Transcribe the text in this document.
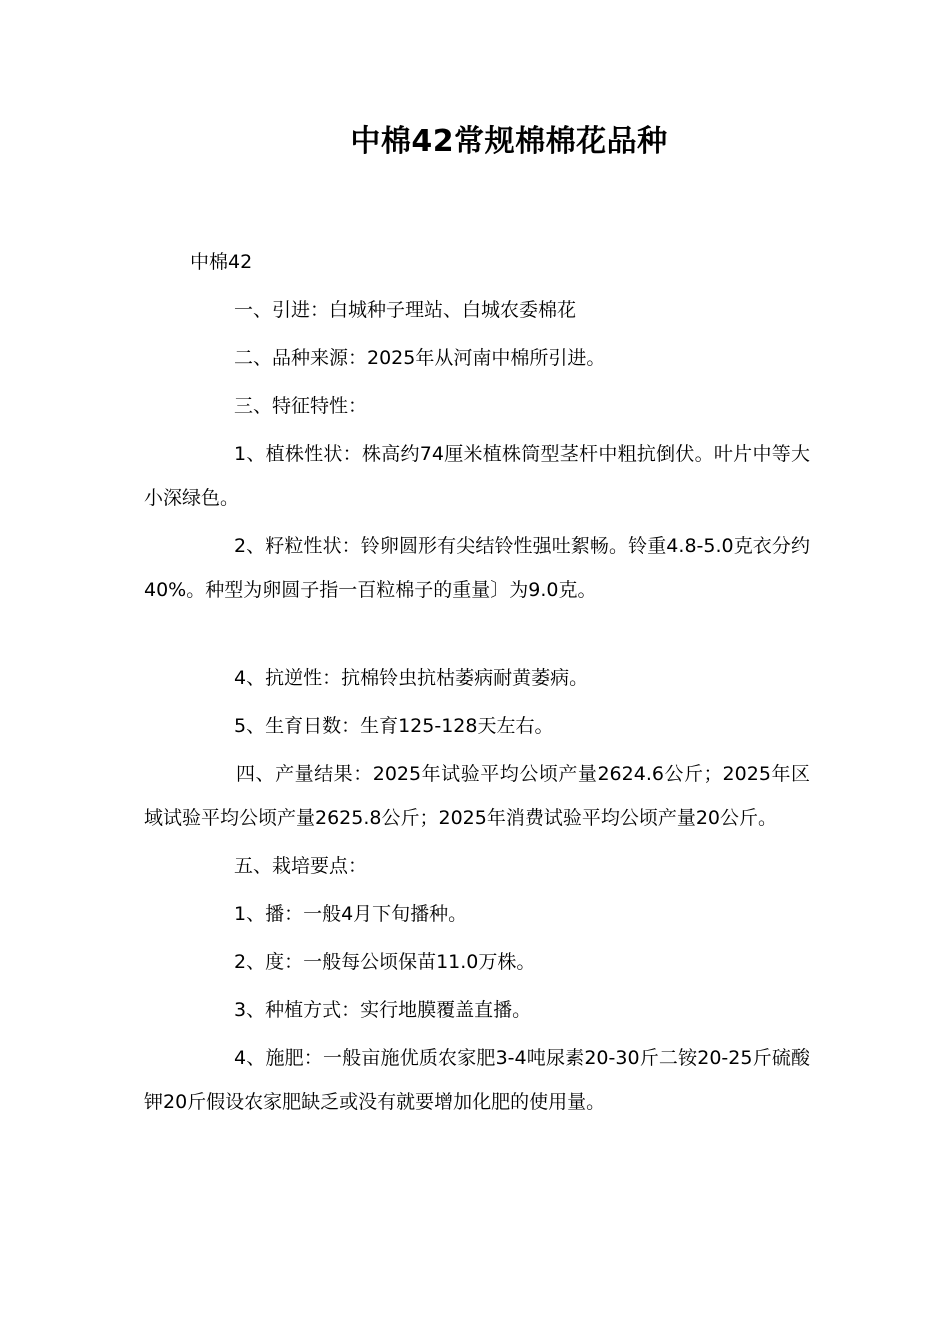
中棉42常规棉棉花品种

中棉42

一、引进：白城种子理站、白城农委棉花

二、品种来源：2025年从河南中棉所引进。

三、特征特性：

1、植株性状：株高约74厘米植株筒型茎杆中粗抗倒伏。叶片中等大小深绿色。

2、籽粒性状：铃卵圆形有尖结铃性强吐絮畅。铃重4.8-5.0克衣分约40%。种型为卵圆子指一百粒棉子的重量〕为9.0克。

4、抗逆性：抗棉铃虫抗枯萎病耐黄萎病。

5、生育日数：生育125-128天左右。

四、产量结果：2025年试验平均公顷产量2624.6公斤；2025年区域试验平均公顷产量2625.8公斤；2025年消费试验平均公顷产量20公斤。

五、栽培要点：

1、播：一般4月下旬播种。

2、度：一般每公顷保苗11.0万株。

3、种植方式：实行地膜覆盖直播。

4、施肥：一般亩施优质农家肥3-4吨尿素20-30斤二铵20-25斤硫酸钾20斤假设农家肥缺乏或没有就要增加化肥的使用量。
